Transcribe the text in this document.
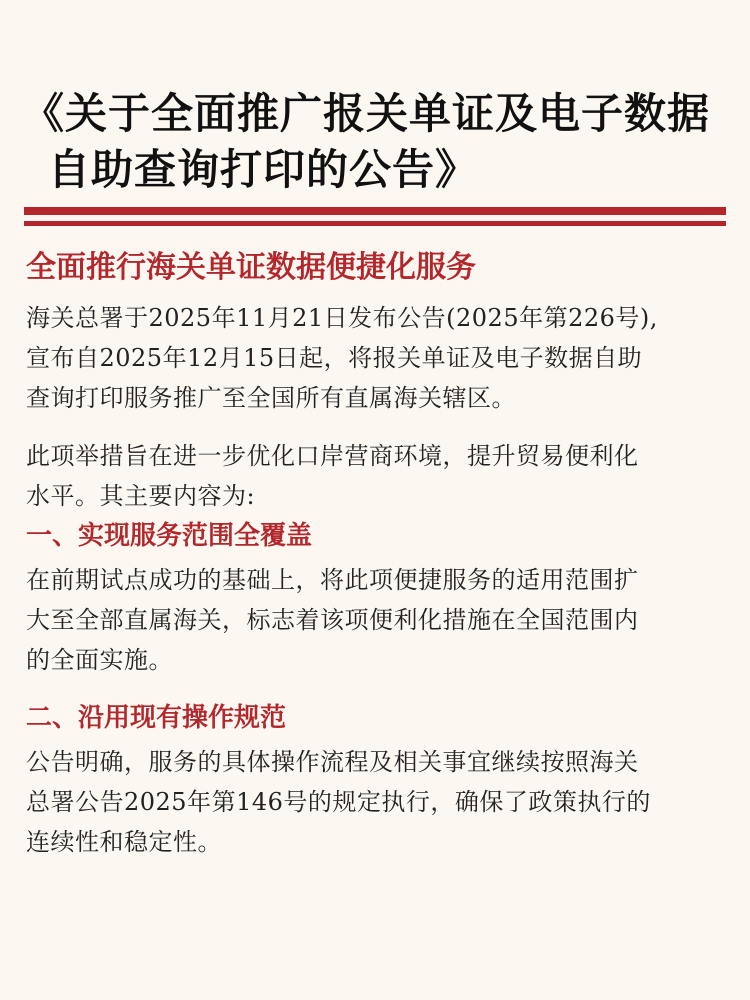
《关于全面推广报关单证及电子数据
自助查询打印的公告》
全面推行海关单证数据便捷化服务

海关总署于2025年11月21日发布公告(2025年第226号),
宣布自2025年12月15日起，将报关单证及电子数据自助
查询打印服务推广至全国所有直属海关辖区。

此项举措旨在进一步优化口岸营商环境，提升贸易便利化
水平。其主要内容为:

一、实现服务范围全覆盖

在前期试点成功的基础上，将此项便捷服务的适用范围扩
大至全部直属海关，标志着该项便利化措施在全国范围内
的全面实施。

二、沿用现有操作规范

公告明确，服务的具体操作流程及相关事宜继续按照海关
总署公告2025年第146号的规定执行，确保了政策执行的
连续性和稳定性。
